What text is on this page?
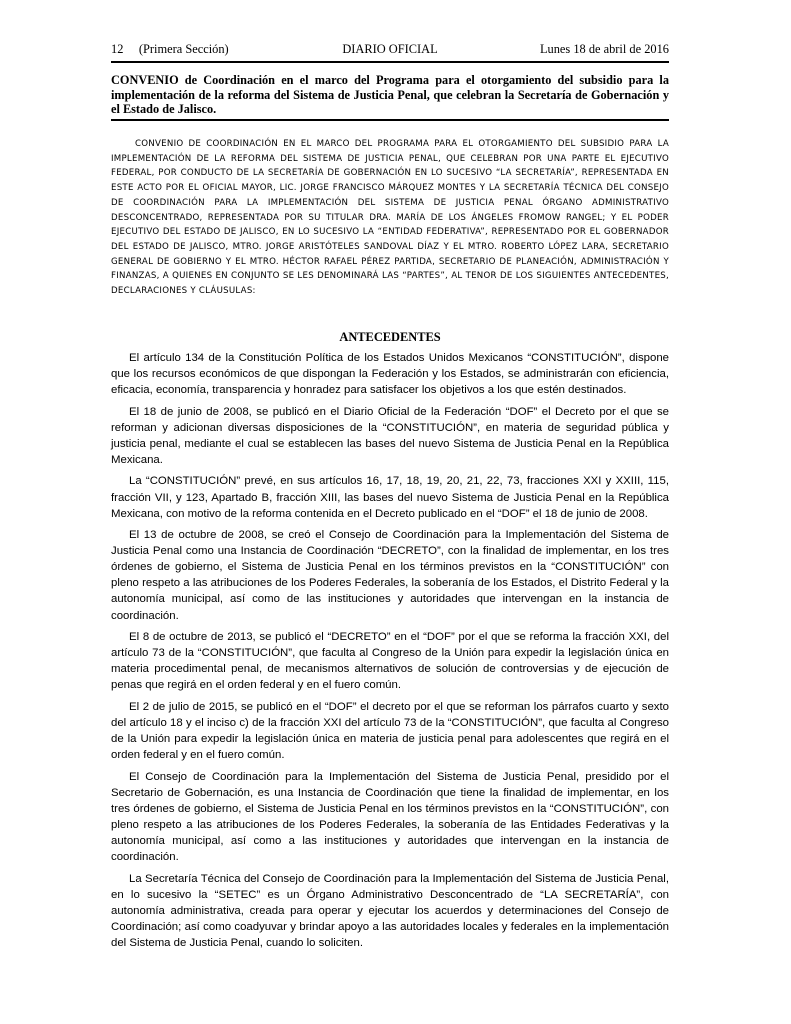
12     (Primera Sección)	DIARIO OFICIAL	Lunes 18 de abril de 2016
CONVENIO de Coordinación en el marco del Programa para el otorgamiento del subsidio para la implementación de la reforma del Sistema de Justicia Penal, que celebran la Secretaría de Gobernación y el Estado de Jalisco.
CONVENIO DE COORDINACIÓN EN EL MARCO DEL PROGRAMA PARA EL OTORGAMIENTO DEL SUBSIDIO PARA LA IMPLEMENTACIÓN DE LA REFORMA DEL SISTEMA DE JUSTICIA PENAL, QUE CELEBRAN POR UNA PARTE EL EJECUTIVO FEDERAL, POR CONDUCTO DE LA SECRETARÍA DE GOBERNACIÓN EN LO SUCESIVO “LA SECRETARÍA”, REPRESENTADA EN ESTE ACTO POR EL OFICIAL MAYOR, LIC. JORGE FRANCISCO MÁRQUEZ MONTES Y LA SECRETARÍA TÉCNICA DEL CONSEJO DE COORDINACIÓN PARA LA IMPLEMENTACIÓN DEL SISTEMA DE JUSTICIA PENAL ÓRGANO ADMINISTRATIVO DESCONCENTRADO, REPRESENTADA POR SU TITULAR DRA. MARÍA DE LOS ÁNGELES FROMOW RANGEL; Y EL PODER EJECUTIVO DEL ESTADO DE JALISCO, EN LO SUCESIVO LA “ENTIDAD FEDERATIVA”, REPRESENTADO POR EL GOBERNADOR DEL ESTADO DE JALISCO, MTRO. JORGE ARISTÓTELES SANDOVAL DÍAZ Y EL MTRO. ROBERTO LÓPEZ LARA, SECRETARIO GENERAL DE GOBIERNO Y EL MTRO. HÉCTOR RAFAEL PÉREZ PARTIDA, SECRETARIO DE PLANEACIÓN, ADMINISTRACIÓN Y FINANZAS, A QUIENES EN CONJUNTO SE LES DENOMINARÁ LAS “PARTES”, AL TENOR DE LOS SIGUIENTES ANTECEDENTES, DECLARACIONES Y CLÁUSULAS:
ANTECEDENTES

El artículo 134 de la Constitución Política de los Estados Unidos Mexicanos “CONSTITUCIÓN”, dispone que los recursos económicos de que dispongan la Federación y los Estados, se administrarán con eficiencia, eficacia, economía, transparencia y honradez para satisfacer los objetivos a los que estén destinados.

El 18 de junio de 2008, se publicó en el Diario Oficial de la Federación “DOF” el Decreto por el que se reforman y adicionan diversas disposiciones de la “CONSTITUCIÓN”, en materia de seguridad pública y justicia penal, mediante el cual se establecen las bases del nuevo Sistema de Justicia Penal en la República Mexicana.

La “CONSTITUCIÓN” prevé, en sus artículos 16, 17, 18, 19, 20, 21, 22, 73, fracciones XXI y XXIII, 115, fracción VII, y 123, Apartado B, fracción XIII, las bases del nuevo Sistema de Justicia Penal en la República Mexicana, con motivo de la reforma contenida en el Decreto publicado en el “DOF” el 18 de junio de 2008.

El 13 de octubre de 2008, se creó el Consejo de Coordinación para la Implementación del Sistema de Justicia Penal como una Instancia de Coordinación “DECRETO”, con la finalidad de implementar, en los tres órdenes de gobierno, el Sistema de Justicia Penal en los términos previstos en la “CONSTITUCIÓN” con pleno respeto a las atribuciones de los Poderes Federales, la soberanía de los Estados, el Distrito Federal y la autonomía municipal, así como de las instituciones y autoridades que intervengan en la instancia de coordinación.

El 8 de octubre de 2013, se publicó el “DECRETO” en el “DOF” por el que se reforma la fracción XXI, del artículo 73 de la “CONSTITUCIÓN”, que faculta al Congreso de la Unión para expedir la legislación única en materia procedimental penal, de mecanismos alternativos de solución de controversias y de ejecución de penas que regirá en el orden federal y en el fuero común.

El 2 de julio de 2015, se publicó en el “DOF” el decreto por el que se reforman los párrafos cuarto y sexto del artículo 18 y el inciso c) de la fracción XXI del artículo 73 de la “CONSTITUCIÓN”, que faculta al Congreso de la Unión para expedir la legislación única en materia de justicia penal para adolescentes que regirá en el orden federal y en el fuero común.

El Consejo de Coordinación para la Implementación del Sistema de Justicia Penal, presidido por el Secretario de Gobernación, es una Instancia de Coordinación que tiene la finalidad de implementar, en los tres órdenes de gobierno, el Sistema de Justicia Penal en los términos previstos en la “CONSTITUCIÓN”, con pleno respeto a las atribuciones de los Poderes Federales, la soberanía de las Entidades Federativas y la autonomía municipal, así como a las instituciones y autoridades que intervengan en la instancia de coordinación.

La Secretaría Técnica del Consejo de Coordinación para la Implementación del Sistema de Justicia Penal, en lo sucesivo la “SETEC” es un Órgano Administrativo Desconcentrado de “LA SECRETARÍA”, con autonomía administrativa, creada para operar y ejecutar los acuerdos y determinaciones del Consejo de Coordinación; así como coadyuvar y brindar apoyo a las autoridades locales y federales en la implementación del Sistema de Justicia Penal, cuando lo soliciten.
